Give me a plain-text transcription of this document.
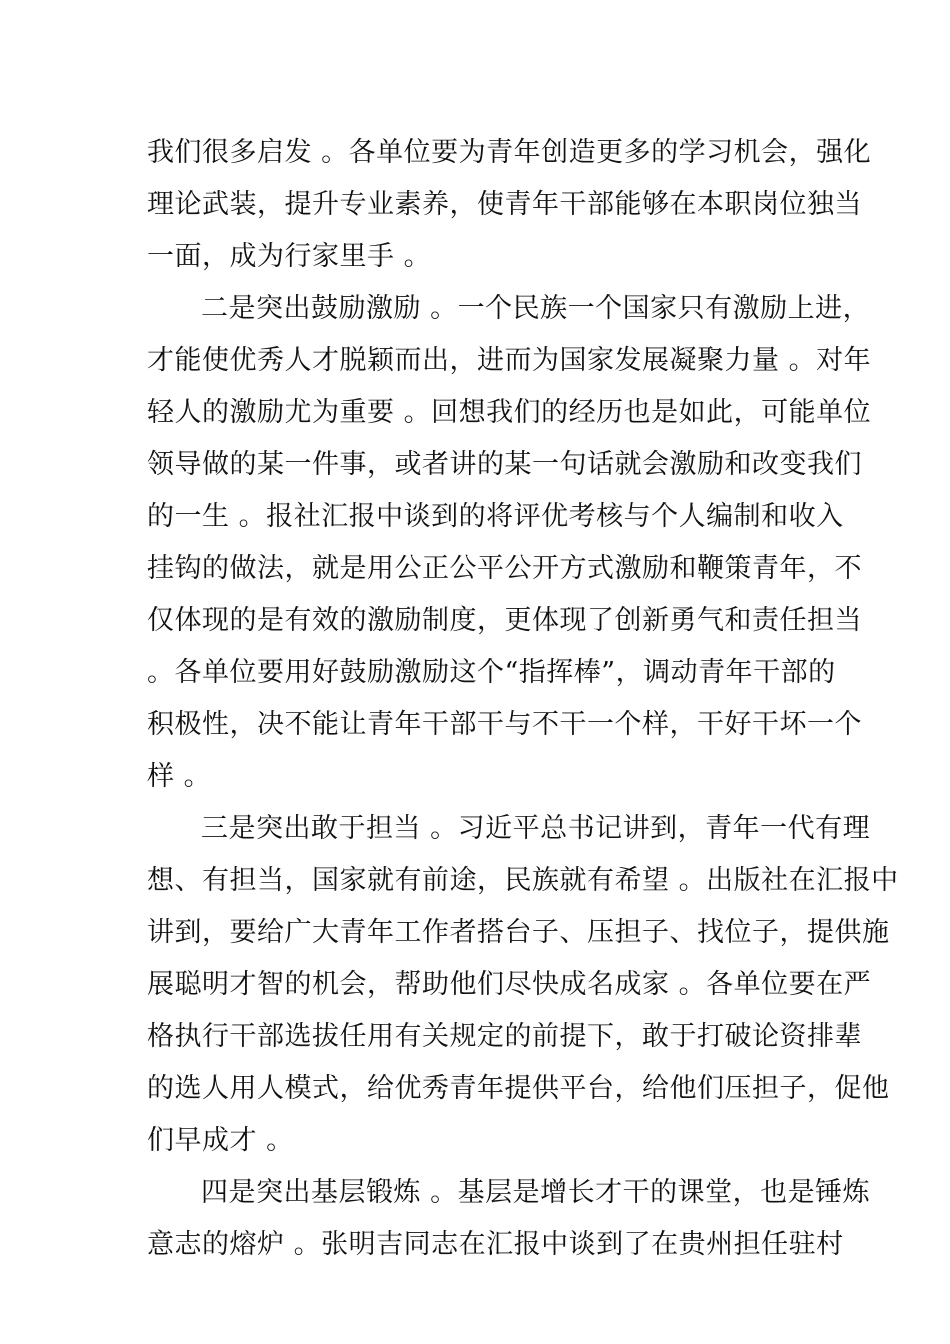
我们很多启发 。各单位要为青年创造更多的学习机会，强化
理论武装，提升专业素养，使青年干部能够在本职岗位独当
一面，成为行家里手 。
二是突出鼓励激励 。一个民族一个国家只有激励上进，
才能使优秀人才脱颖而出，进而为国家发展凝聚力量 。对年
轻人的激励尤为重要 。回想我们的经历也是如此，可能单位
领导做的某一件事，或者讲的某一句话就会激励和改变我们
的一生 。报社汇报中谈到的将评优考核与个人编制和收入
挂钩的做法，就是用公正公平公开方式激励和鞭策青年，不
仅体现的是有效的激励制度，更体现了创新勇气和责任担当
。各单位要用好鼓励激励这个“指挥棒”，调动青年干部的
积极性，决不能让青年干部干与不干一个样，干好干坏一个
样 。
三是突出敢于担当 。习近平总书记讲到，青年一代有理
想、有担当，国家就有前途，民族就有希望 。出版社在汇报中
讲到，要给广大青年工作者搭台子、压担子、找位子，提供施
展聪明才智的机会，帮助他们尽快成名成家 。各单位要在严
格执行干部选拔任用有关规定的前提下，敢于打破论资排辈
的选人用人模式，给优秀青年提供平台，给他们压担子，促他
们早成才 。
四是突出基层锻炼 。基层是增长才干的课堂，也是锤炼
意志的熔炉 。张明吉同志在汇报中谈到了在贵州担任驻村
